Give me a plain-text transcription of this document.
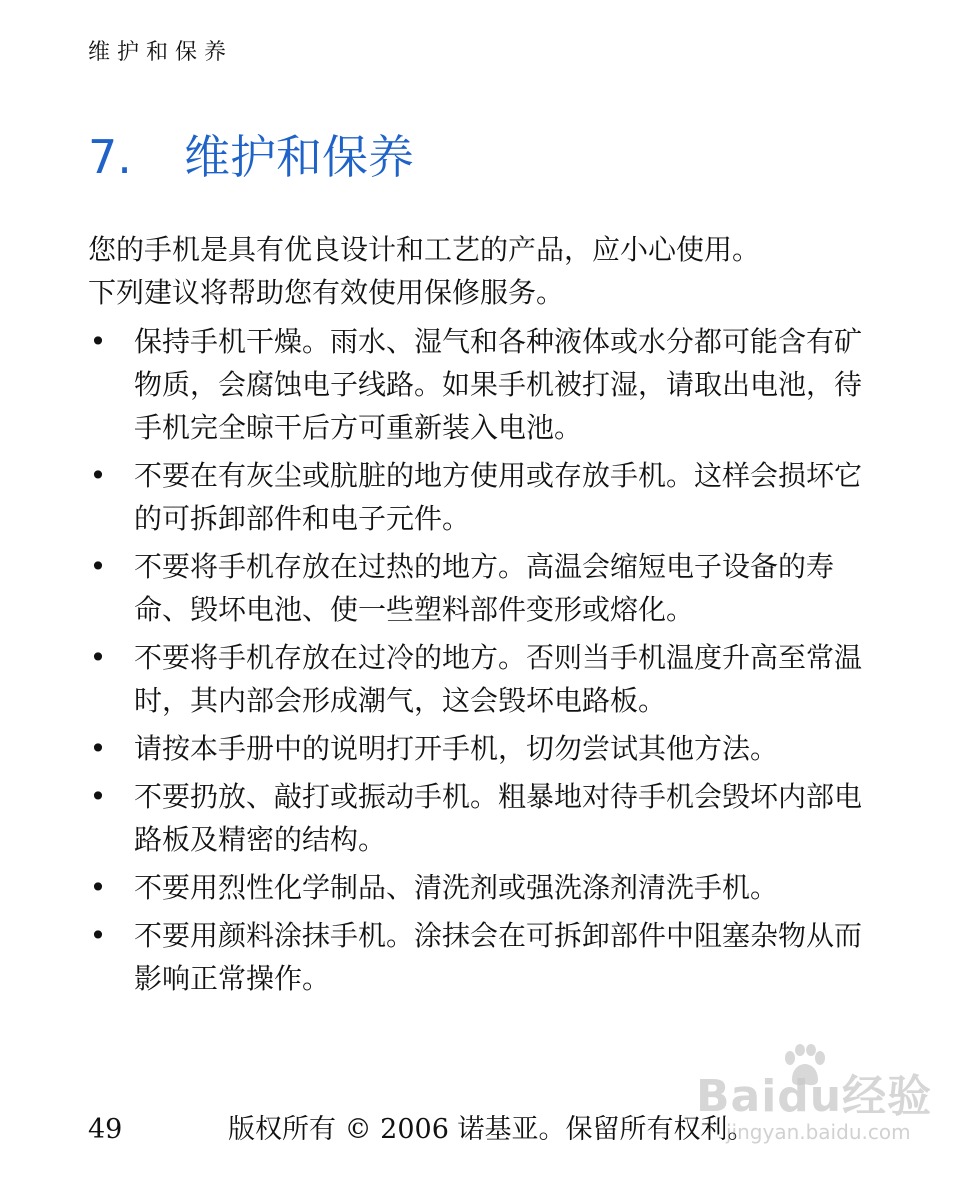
维护和保养
7. 维护和保养

您的手机是具有优良设计和工艺的产品，应小心使用。

下列建议将帮助您有效使用保修服务。

• 保持手机干燥。雨水、湿气和各种液体或水分都可能含有矿物质，会腐蚀电子线路。如果手机被打湿，请取出电池，待手机完全晾干后方可重新装入电池。
• 不要在有灰尘或肮脏的地方使用或存放手机。这样会损坏它的可拆卸部件和电子元件。
• 不要将手机存放在过热的地方。高温会缩短电子设备的寿命、毁坏电池、使一些塑料部件变形或熔化。
• 不要将手机存放在过冷的地方。否则当手机温度升高至常温时，其内部会形成潮气，这会毁坏电路板。
• 请按本手册中的说明打开手机，切勿尝试其他方法。
• 不要扔放、敲打或振动手机。粗暴地对待手机会毁坏内部电路板及精密的结构。
• 不要用烈性化学制品、清洗剂或强洗涤剂清洗手机。
• 不要用颜料涂抹手机。涂抹会在可拆卸部件中阻塞杂物从而影响正常操作。
Baidu经验
jingyan.baidu.com
49	版权所有 © 2006 诺基亚。保留所有权利。
